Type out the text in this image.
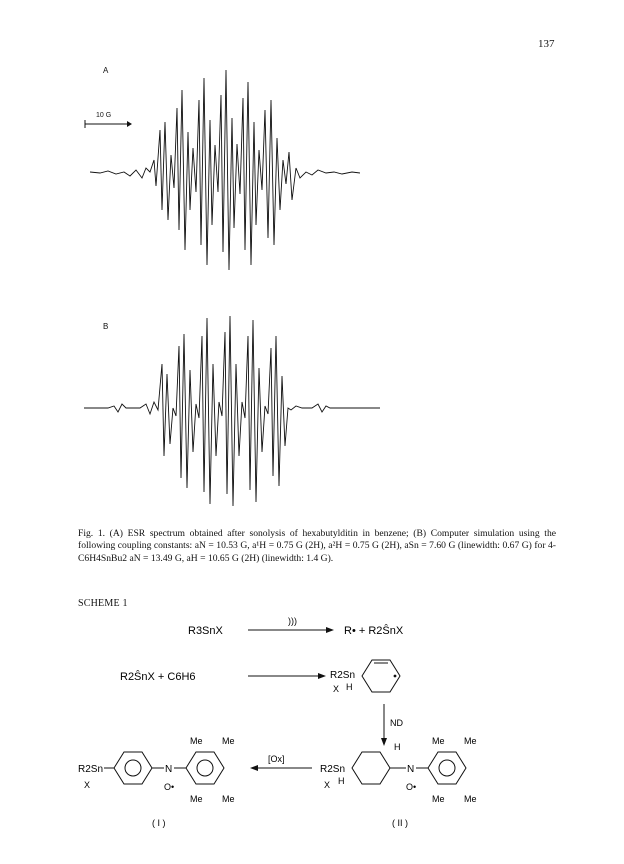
137
A
10 G
B
Fig. 1. (A) ESR spectrum obtained after sonolysis of hexabutylditin in benzene; (B) Computer simulation using the following coupling constants: aN = 10.53 G, a¹H = 0.75 G (2H), a²H = 0.75 G (2H), aSn = 7.60 G (linewidth: 0.67 G) for 4-C6H4SnBu2 aN = 13.49 G, aH = 10.65 G (2H) (linewidth: 1.4 G).
SCHEME 1
R3SnX
)))
R• + R2ŜnX
R2ŜnX + C6H6	R2Sn
X H
ND
R2Sn
X H
H
N
O•
Me Me
Me Me
( II )
[Ox]
R2Sn
X
N
O•
Me Me
Me Me
( I )
